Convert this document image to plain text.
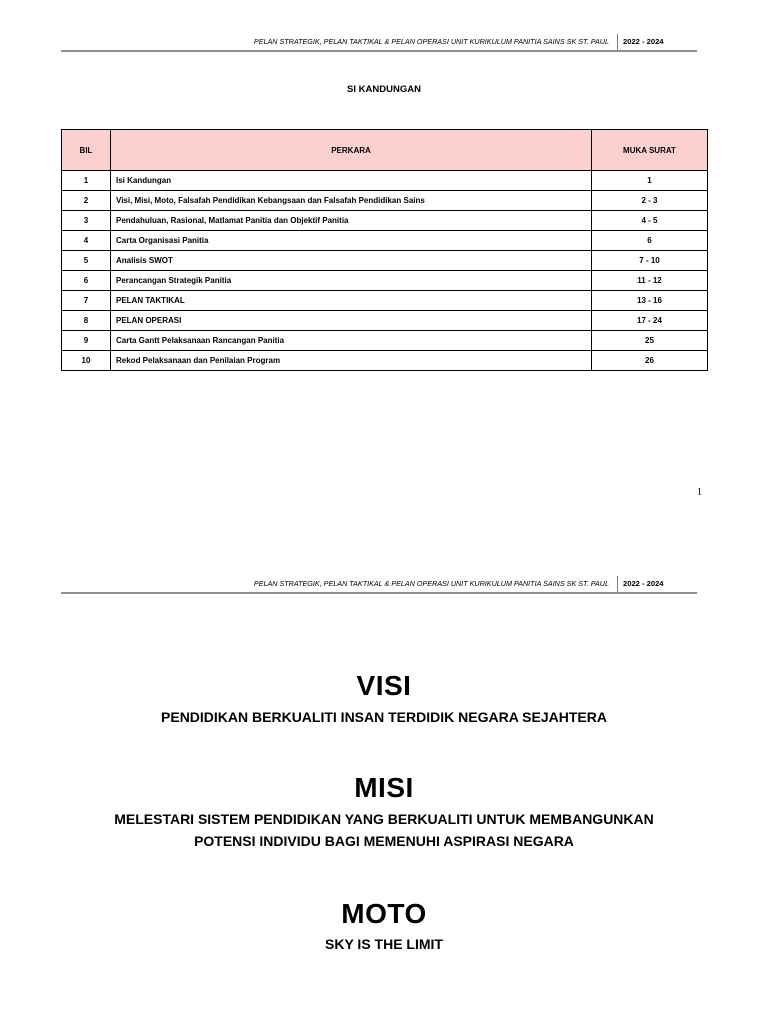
PELAN STRATEGIK, PELAN TAKTIKAL & PELAN OPERASI UNIT KURIKULUM PANITIA SAINS SK ST. PAUL 2022 - 2024
SI KANDUNGAN
BIL	PERKARA	MUKA SURAT
1	Isi Kandungan	1
2	Visi, Misi, Moto, Falsafah Pendidikan Kebangsaan dan Falsafah Pendidikan Sains	2 - 3
3	Pendahuluan, Rasional, Matlamat Panitia dan Objektif Panitia	4 - 5
4	Carta Organisasi Panitia	6
5	Analisis SWOT	7 - 10
6	Perancangan Strategik Panitia	11 - 12
7	PELAN TAKTIKAL	13 - 16
8	PELAN OPERASI	17 - 24
9	Carta Gantt Pelaksanaan Rancangan Panitia	25
10	Rekod Pelaksanaan dan Penilaian Program	26
1
PELAN STRATEGIK, PELAN TAKTIKAL & PELAN OPERASI UNIT KURIKULUM PANITIA SAINS SK ST. PAUL 2022 - 2024
VISI
PENDIDIKAN BERKUALITI INSAN TERDIDIK NEGARA SEJAHTERA
MISI
MELESTARI SISTEM PENDIDIKAN YANG BERKUALITI UNTUK MEMBANGUNKAN
POTENSI INDIVIDU BAGI MEMENUHI ASPIRASI NEGARA
MOTO
SKY IS THE LIMIT
